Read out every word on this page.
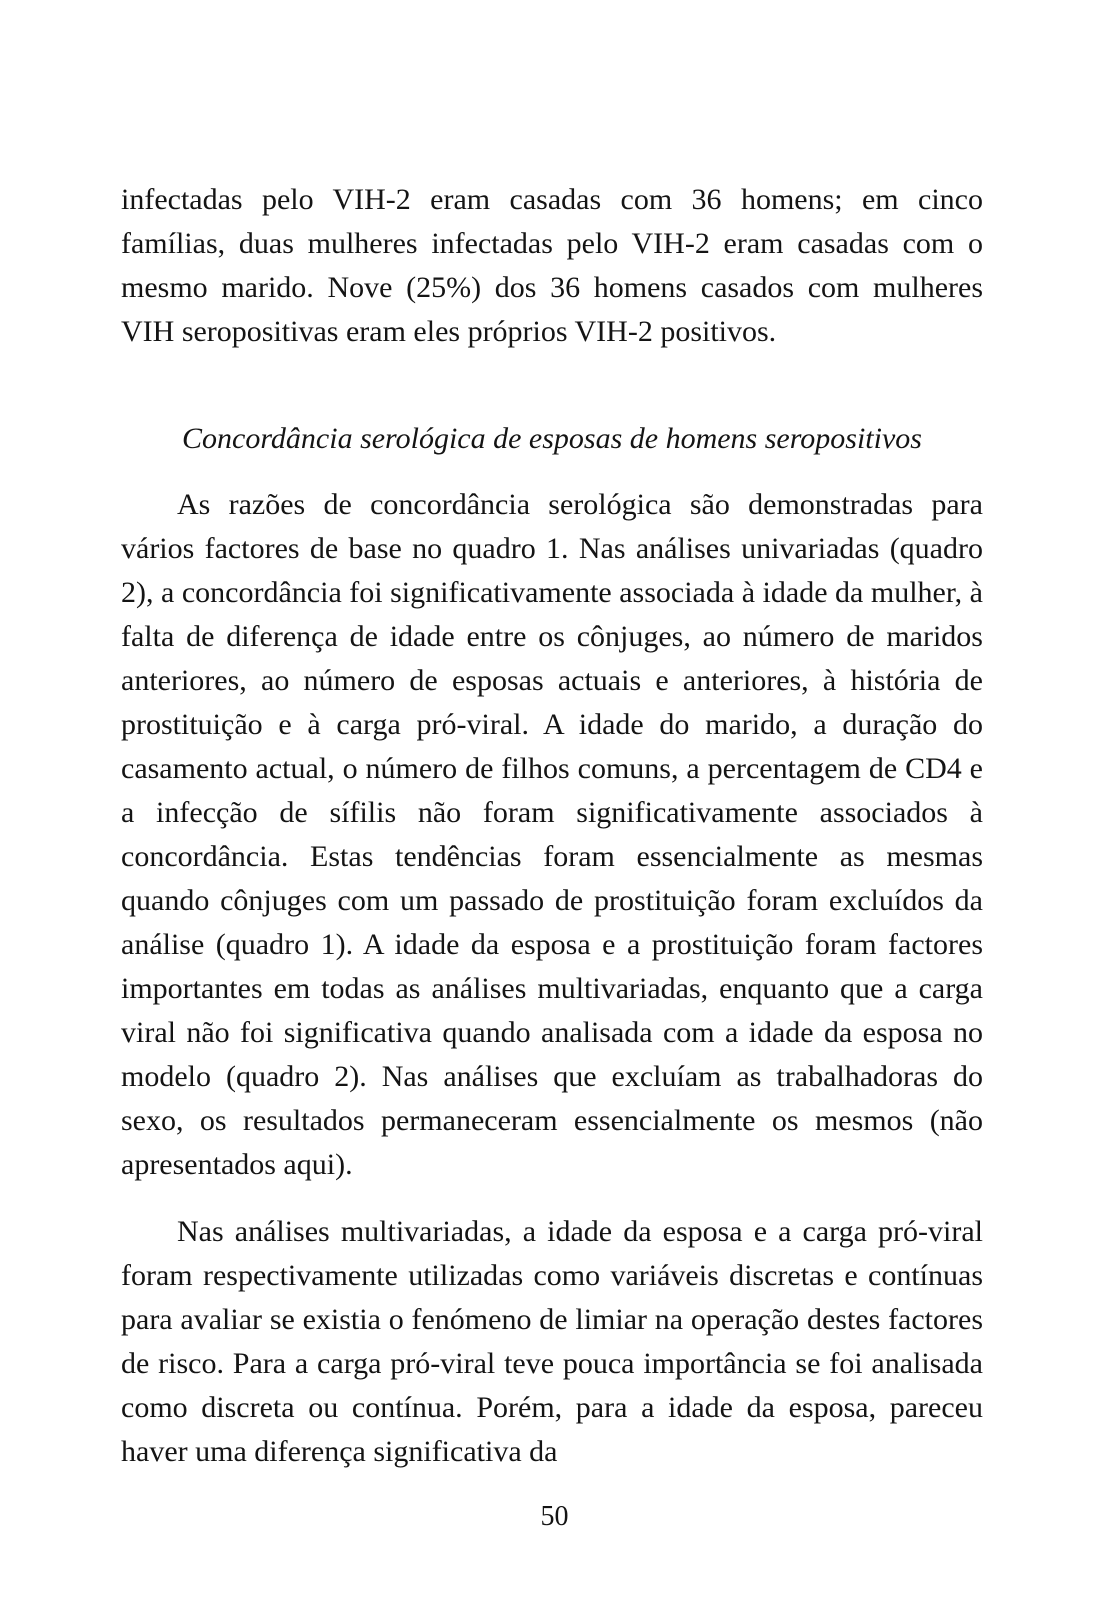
infectadas pelo VIH-2 eram casadas com 36 homens; em cinco famílias, duas mulheres infectadas pelo VIH-2 eram casadas com o mesmo marido. Nove (25%) dos 36 homens casados com mulheres VIH seropositivas eram eles próprios VIH-2 positivos.

Concordância serológica de esposas de homens seropositivos

As razões de concordância serológica são demonstradas para vários factores de base no quadro 1. Nas análises univariadas (quadro 2), a concordância foi significativamente associada à idade da mulher, à falta de diferença de idade entre os cônjuges, ao número de maridos anteriores, ao número de esposas actuais e anteriores, à história de prostituição e à carga pró-viral. A idade do marido, a duração do casamento actual, o número de filhos comuns, a percentagem de CD4 e a infecção de sífilis não foram significativamente associados à concordância. Estas tendências foram essencialmente as mesmas quando cônjuges com um passado de prostituição foram excluídos da análise (quadro 1). A idade da esposa e a prostituição foram factores importantes em todas as análises multivariadas, enquanto que a carga viral não foi significativa quando analisada com a idade da esposa no modelo (quadro 2). Nas análises que excluíam as trabalhadoras do sexo, os resultados permaneceram essencialmente os mesmos (não apresentados aqui).

Nas análises multivariadas, a idade da esposa e a carga pró-viral foram respectivamente utilizadas como variáveis discretas e contínuas para avaliar se existia o fenómeno de limiar na operação destes factores de risco. Para a carga pró-viral teve pouca importância se foi analisada como discreta ou contínua. Porém, para a idade da esposa, pareceu haver uma diferença significativa da

50
